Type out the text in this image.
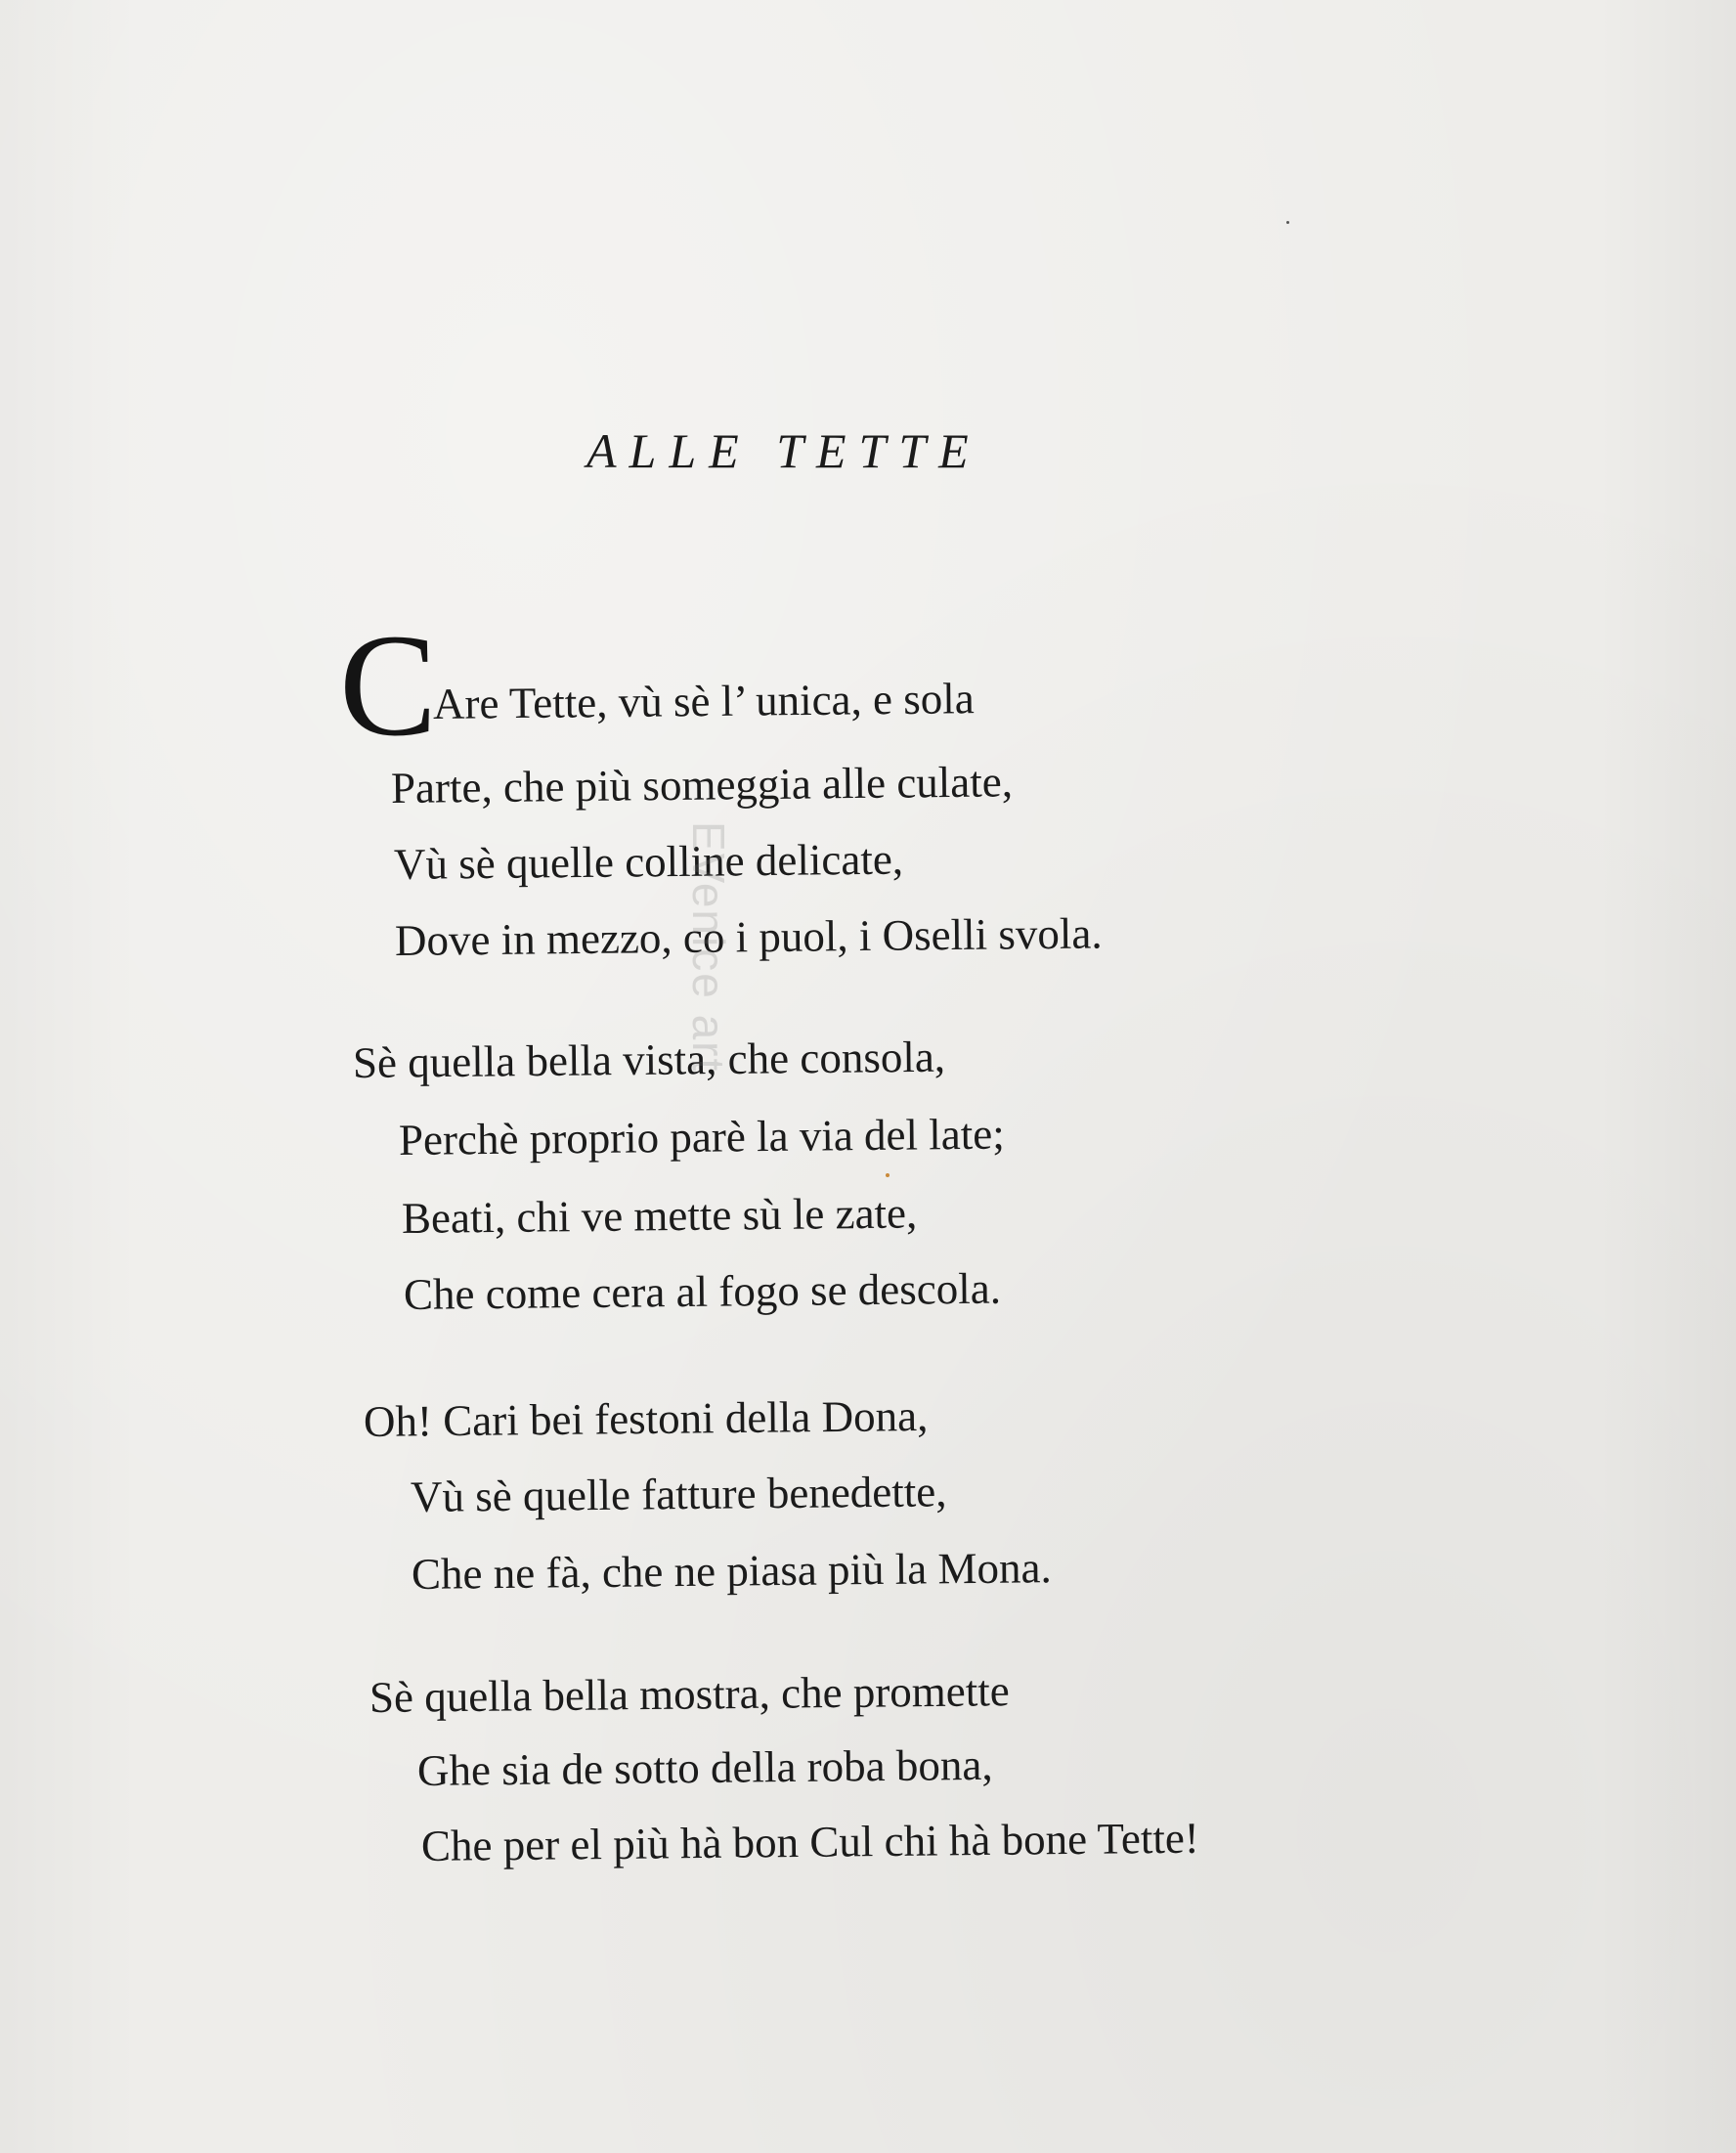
ALLE TETTE
C

Are Tette, vù sè l’ unica, e sola

Parte, che più someggia alle culate,

Vù sè quelle colline delicate,

Dove in mezzo, co i puol, i Oselli svola.

Sè quella bella vista, che consola,

Perchè proprio parè la via del late;

Beati, chi ve mette sù le zate,

Che come cera al fogo se descola.

Oh! Cari bei festoni della Dona,

Vù sè quelle fatture benedette,

Che ne fà, che ne piasa più la Mona.

Sè quella bella mostra, che promette

Ghe sia de sotto della roba bona,

Che per el più hà bon Cul chi hà bone Tette!

EVenice art
